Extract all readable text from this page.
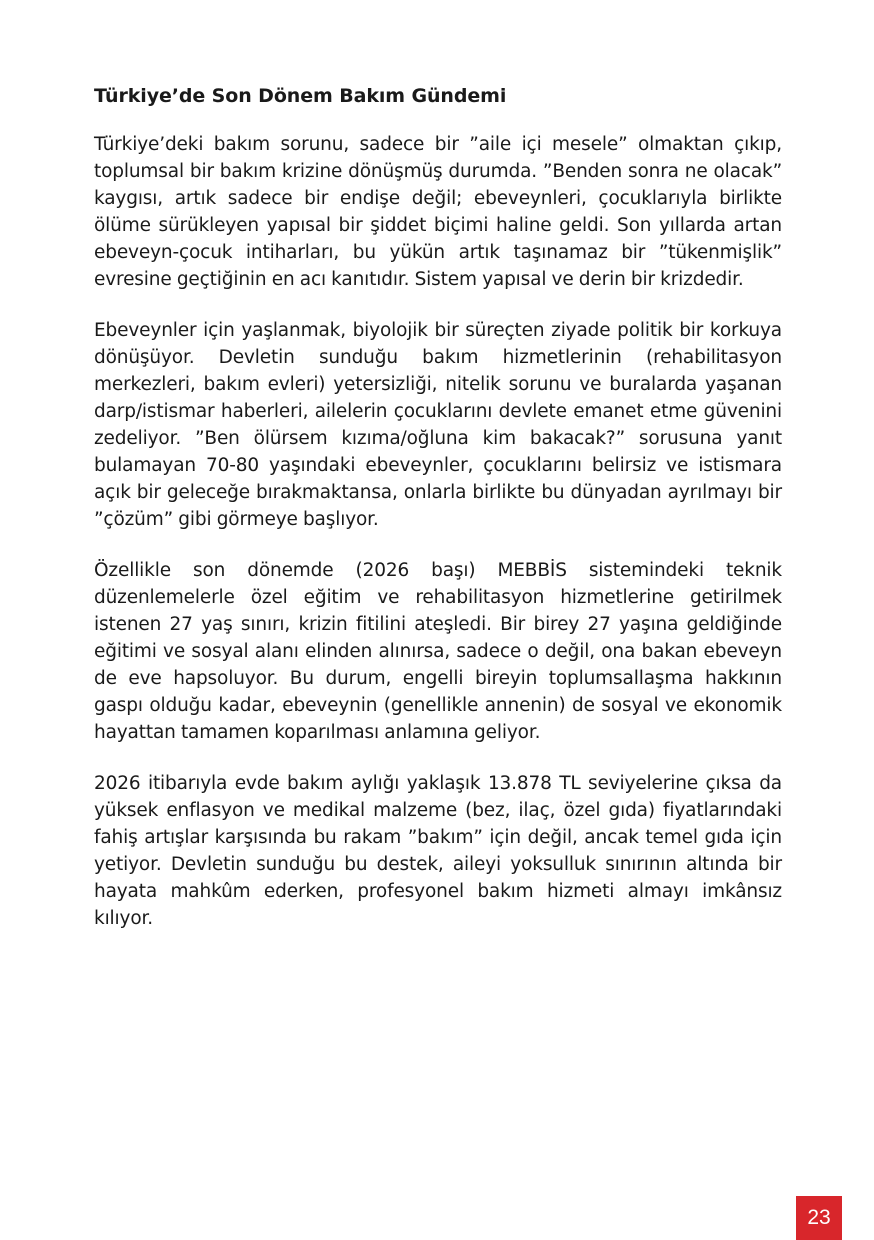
Türkiye’de Son Dönem Bakım Gündemi

Türkiye’deki bakım sorunu, sadece bir ”aile içi mesele” olmaktan çıkıp, toplumsal bir bakım krizine dönüşmüş durumda. ”Benden sonra ne olacak” kaygısı, artık sadece bir endişe değil; ebeveynleri, çocuklarıyla birlikte ölüme sürükleyen yapısal bir şiddet biçimi haline geldi. Son yıllarda artan ebeveyn-çocuk intiharları, bu yükün artık taşınamaz bir ”tükenmişlik” evresine geçtiğinin en acı kanıtıdır. Sistem yapısal ve derin bir krizdedir.

Ebeveynler için yaşlanmak, biyolojik bir süreçten ziyade politik bir korkuya dönüşüyor. Devletin sunduğu bakım hizmetlerinin (rehabilitasyon merkezleri, bakım evleri) yetersizliği, nitelik sorunu ve buralarda yaşanan darp/istismar haberleri, ailelerin çocuklarını devlete emanet etme güvenini zedeliyor. ”Ben ölürsem kızıma/oğluna kim bakacak?” sorusuna yanıt bulamayan 70-80 yaşındaki ebeveynler, çocuklarını belirsiz ve istismara açık bir geleceğe bırakmaktansa, onlarla birlikte bu dünyadan ayrılmayı bir ”çözüm” gibi görmeye başlıyor.

Özellikle son dönemde (2026 başı) MEBBİS sistemindeki teknik düzenlemelerle özel eğitim ve rehabilitasyon hizmetlerine getirilmek istenen 27 yaş sınırı, krizin fitilini ateşledi. Bir birey 27 yaşına geldiğinde eğitimi ve sosyal alanı elinden alınırsa, sadece o değil, ona bakan ebeveyn de eve hapsoluyor. Bu durum, engelli bireyin toplumsallaşma hakkının gaspı olduğu kadar, ebeveynin (genellikle annenin) de sosyal ve ekonomik hayattan tamamen koparılması anlamına geliyor.

2026 itibarıyla evde bakım aylığı yaklaşık 13.878 TL seviyelerine çıksa da yüksek enflasyon ve medikal malzeme (bez, ilaç, özel gıda) fiyatlarındaki fahiş artışlar karşısında bu rakam ”bakım” için değil, ancak temel gıda için yetiyor. Devletin sunduğu bu destek, aileyi yoksulluk sınırının altında bir hayata mahkûm ederken, profesyonel bakım hizmeti almayı imkânsız kılıyor.

23
